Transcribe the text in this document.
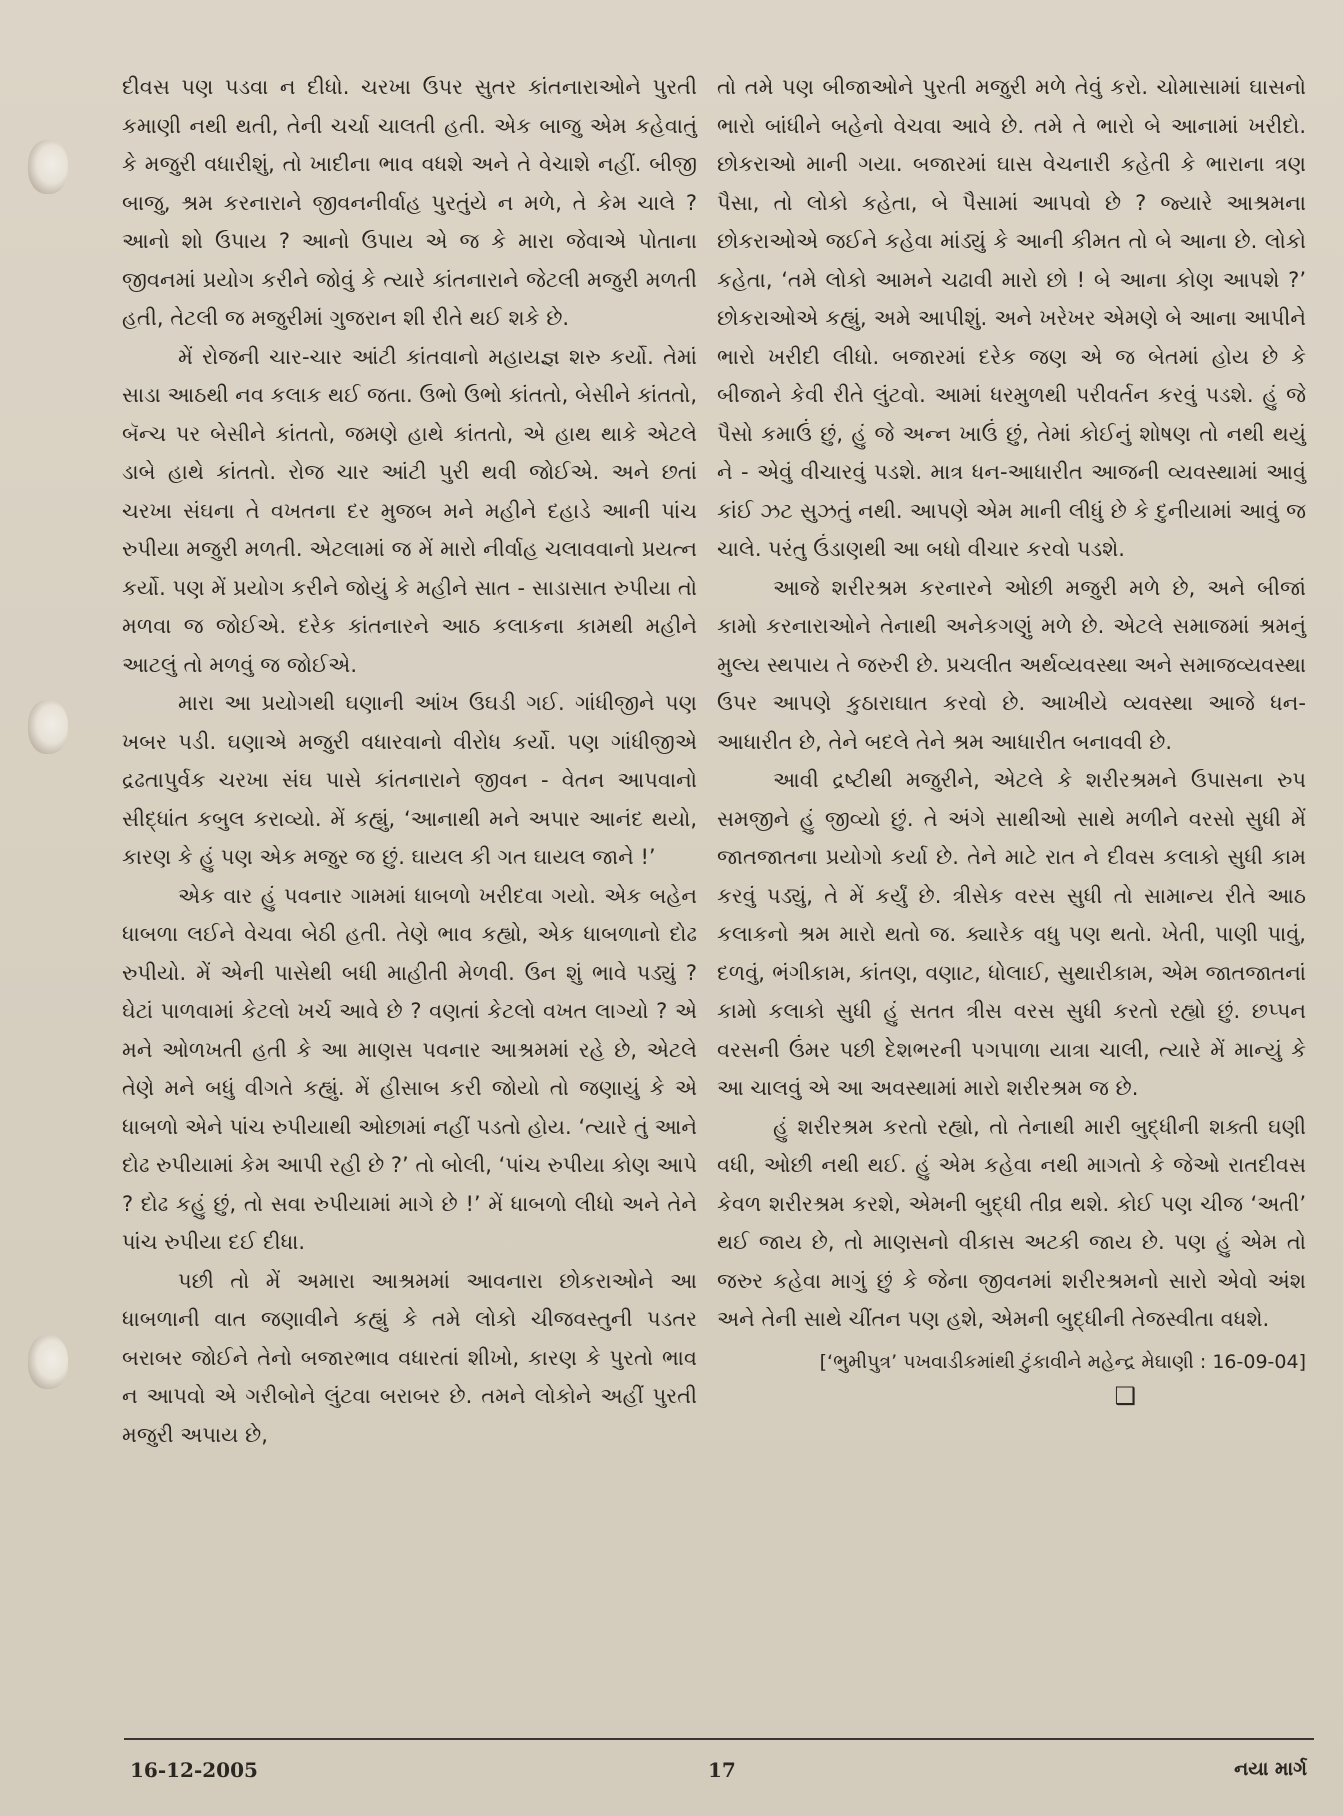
દીવસ પણ પડવા ન દીધો. ચરખા ઉપર સુતર કાંતનારાઓને પુરતી કમાણી નથી થતી, તેની ચર્ચા ચાલતી હતી. એક બાજુ એમ કહેવાતું કે મજુરી વધારીશું, તો ખાદીના ભાવ વધશે અને તે વેચાશે નહીં. બીજી બાજુ, શ્રમ કરનારાને જીવનનીર્વાહ પુરતુંયે ન મળે, તે કેમ ચાલે ? આનો શો ઉપાય ? આનો ઉપાય એ જ કે મારા જેવાએ પોતાના જીવનમાં પ્રયોગ કરીને જોવું કે ત્યારે કાંતનારાને જેટલી મજુરી મળતી હતી, તેટલી જ મજુરીમાં ગુજરાન શી રીતે થઈ શકે છે.

મેં રોજની ચાર-ચાર આંટી કાંતવાનો મહાયજ્ઞ શરુ કર્યો. તેમાં સાડા આઠથી નવ કલાક થઈ જતા. ઉભો ઉભો કાંતતો, બેસીને કાંતતો, બૅન્ચ પર બેસીને કાંતતો, જમણે હાથે કાંતતો, એ હાથ થાકે એટલે ડાબે હાથે કાંતતો. રોજ ચાર આંટી પુરી થવી જોઈએ. અને છતાં ચરખા સંઘના તે વખતના દર મુજબ મને મહીને દહાડે આની પાંચ રુપીયા મજુરી મળતી. એટલામાં જ મેં મારો નીર્વાહ ચલાવવાનો પ્રયત્ન કર્યો. પણ મેં પ્રયોગ કરીને જોયું કે મહીને સાત - સાડાસાત રુપીયા તો મળવા જ જોઈએ. દરેક કાંતનારને આઠ કલાકના કામથી મહીને આટલું તો મળવું જ જોઈએ.

મારા આ પ્રયોગથી ઘણાની આંખ ઉઘડી ગઈ. ગાંધીજીને પણ ખબર પડી. ઘણાએ મજુરી વધારવાનો વીરોધ કર્યો. પણ ગાંધીજીએ દ્રઢતાપુર્વક ચરખા સંઘ પાસે કાંતનારાને જીવન - વેતન આપવાનો સીદ્ધાંત કબુલ કરાવ્યો. મેં કહ્યું, ‘આનાથી મને અપાર આનંદ થયો, કારણ કે હું પણ એક મજુર જ છું. ઘાયલ કી ગત ઘાયલ જાને !’

એક વાર હું પવનાર ગામમાં ધાબળો ખરીદવા ગયો. એક બહેન ધાબળા લઈને વેચવા બેઠી હતી. તેણે ભાવ કહ્યો, એક ધાબળાનો દોઢ રુપીયો. મેં એની પાસેથી બધી માહીતી મેળવી. ઉન શું ભાવે પડ્યું ? ઘેટાં પાળવામાં કેટલો ખર્ચ આવે છે ? વણતાં કેટલો વખત લાગ્યો ? એ મને ઓળખતી હતી કે આ માણસ પવનાર આશ્રમમાં રહે છે, એટલે તેણે મને બધું વીગતે કહ્યું. મેં હીસાબ કરી જોયો તો જણાયું કે એ ધાબળો એને પાંચ રુપીયાથી ઓછામાં નહીં પડતો હોય. ‘ત્યારે તું આને દોઢ રુપીયામાં કેમ આપી રહી છે ?’ તો બોલી, ‘પાંચ રુપીયા કોણ આપે ? દોઢ કહું છું, તો સવા રુપીયામાં માગે છે !’ મેં ધાબળો લીધો અને તેને પાંચ રુપીયા દઈ દીધા.

પછી તો મેં અમારા આશ્રમમાં આવનારા છોકરાઓને આ ધાબળાની વાત જણાવીને કહ્યું કે તમે લોકો ચીજવસ્તુની પડતર બરાબર જોઈને તેનો બજારભાવ વધારતાં શીખો, કારણ કે પુરતો ભાવ ન આપવો એ ગરીબોને લુંટવા બરાબર છે. તમને લોકોને અહીં પુરતી મજુરી અપાય છે,

તો તમે પણ બીજાઓને પુરતી મજુરી મળે તેવું કરો. ચોમાસામાં ઘાસનો ભારો બાંધીને બહેનો વેચવા આવે છે. તમે તે ભારો બે આનામાં ખરીદો. છોકરાઓ માની ગયા. બજારમાં ઘાસ વેચનારી કહેતી કે ભારાના ત્રણ પૈસા, તો લોકો કહેતા, બે પૈસામાં આપવો છે ? જ્યારે આશ્રમના છોકરાઓએ જઈને કહેવા માંડ્યું કે આની કીમત તો બે આના છે. લોકો કહેતા, ‘તમે લોકો આમને ચઢાવી મારો છો ! બે આના કોણ આપશે ?’ છોકરાઓએ કહ્યું, અમે આપીશું. અને ખરેખર એમણે બે આના આપીને ભારો ખરીદી લીધો. બજારમાં દરેક જણ એ જ બેતમાં હોય છે કે બીજાને કેવી રીતે લુંટવો. આમાં ધરમુળથી પરીવર્તન કરવું પડશે. હું જે પૈસો કમાઉં છું, હું જે અન્ન ખાઉં છું, તેમાં કોઈનું શોષણ તો નથી થયું ને - એવું વીચારવું પડશે. માત્ર ધન-આધારીત આજની વ્યવસ્થામાં આવું કાંઈ ઝટ સુઝતું નથી. આપણે એમ માની લીધું છે કે દુનીયામાં આવું જ ચાલે. પરંતુ ઉંડાણથી આ બધો વીચાર કરવો પડશે.

આજે શરીરશ્રમ કરનારને ઓછી મજુરી મળે છે, અને બીજાં કામો કરનારાઓને તેનાથી અનેકગણું મળે છે. એટલે સમાજમાં શ્રમનું મુલ્ય સ્થપાય તે જરુરી છે. પ્રચલીત અર્થવ્યવસ્થા અને સમાજવ્યવસ્થા ઉપર આપણે કુઠારાઘાત કરવો છે. આખીયે વ્યવસ્થા આજે ધન-આધારીત છે, તેને બદલે તેને શ્રમ આધારીત બનાવવી છે.

આવી દ્રષ્ટીથી મજુરીને, એટલે કે શરીરશ્રમને ઉપાસના રુપ સમજીને હું જીવ્યો છું. તે અંગે સાથીઓ સાથે મળીને વરસો સુધી મેં જાતજાતના પ્રયોગો કર્યા છે. તેને માટે રાત ને દીવસ કલાકો સુધી કામ કરવું પડ્યું, તે મેં કર્યું છે. ત્રીસેક વરસ સુધી તો સામાન્ય રીતે આઠ કલાકનો શ્રમ મારો થતો જ. ક્યારેક વધુ પણ થતો. ખેતી, પાણી પાવું, દળવું, ભંગીકામ, કાંતણ, વણાટ, ધોલાઈ, સુથારીકામ, એમ જાતજાતનાં કામો કલાકો સુધી હું સતત ત્રીસ વરસ સુધી કરતો રહ્યો છું. છપ્પન વરસની ઉંમર પછી દેશભરની પગપાળા યાત્રા ચાલી, ત્યારે મેં માન્યું કે આ ચાલવું એ આ અવસ્થામાં મારો શરીરશ્રમ જ છે.

હું શરીરશ્રમ કરતો રહ્યો, તો તેનાથી મારી બુદ્ધીની શક્તી ઘણી વધી, ઓછી નથી થઈ. હું એમ કહેવા નથી માગતો કે જેઓ રાતદીવસ કેવળ શરીરશ્રમ કરશે, એમની બુદ્ધી તીવ્ર થશે. કોઈ પણ ચીજ ‘અતી’ થઈ જાય છે, તો માણસનો વીકાસ અટકી જાય છે. પણ હું એમ તો જરુર કહેવા માગું છું કે જેના જીવનમાં શરીરશ્રમનો સારો એવો અંશ અને તેની સાથે ચીંતન પણ હશે, એમની બુદ્ધીની તેજસ્વીતા વધશે.

[‘ભુમીપુત્ર’ પખવાડીકમાંથી ટુંકાવીને મહેન્દ્ર મેઘાણી : 16-09-04]

❑

16-12-2005	17	નયા માર્ગ
